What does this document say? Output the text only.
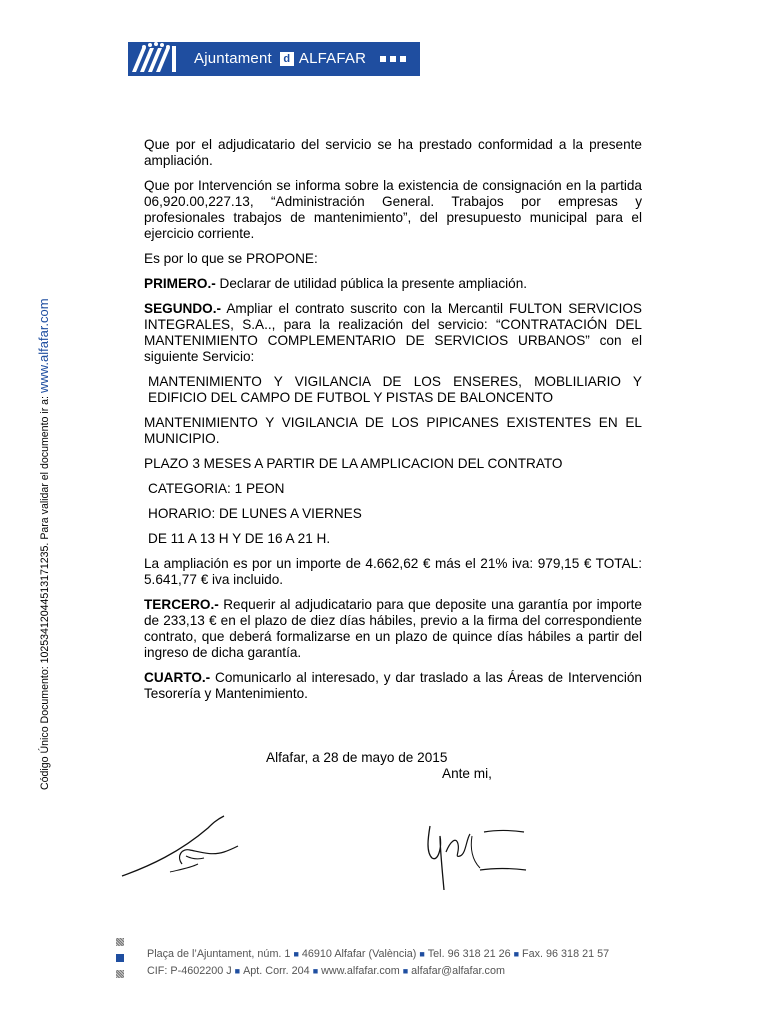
Ajuntament	d ALFAFAR
Código Único Documento: 10253412044513171235. Para validar el documento ir a: www.alfafar.com

Que por el adjudicatario del servicio se ha prestado conformidad a la presente ampliación.

Que por Intervención se informa sobre la existencia de consignación en la partida 06,920.00,227.13, “Administración General. Trabajos por empresas y profesionales trabajos de mantenimiento”, del presupuesto municipal para el ejercicio corriente.

Es por lo que se PROPONE:

PRIMERO.- Declarar de utilidad pública la presente ampliación.

SEGUNDO.- Ampliar el contrato suscrito con la Mercantil FULTON SERVICIOS INTEGRALES, S.A.., para la realización del servicio: “CONTRATACIÓN DEL MANTENIMIENTO COMPLEMENTARIO DE SERVICIOS URBANOS” con el siguiente Servicio:

MANTENIMIENTO Y VIGILANCIA DE LOS ENSERES, MOBLILIARIO Y EDIFICIO DEL CAMPO DE FUTBOL Y PISTAS DE BALONCENTO

MANTENIMIENTO Y VIGILANCIA DE LOS PIPICANES EXISTENTES EN EL MUNICIPIO.

PLAZO 3 MESES A PARTIR DE LA AMPLICACION DEL CONTRATO

CATEGORIA: 1 PEON

HORARIO: DE LUNES A VIERNES

DE 11 A 13 H Y DE 16 A 21 H.

La ampliación es por un importe de 4.662,62 € más el 21% iva: 979,15 € TOTAL: 5.641,77 € iva incluido.

TERCERO.- Requerir al adjudicatario para que deposite una garantía por importe de 233,13 € en el plazo de diez días hábiles, previo a la firma del correspondiente contrato, que deberá formalizarse en un plazo de quince días hábiles a partir del ingreso de dicha garantía.

CUARTO.- Comunicarlo al interesado, y dar traslado a las Áreas de Intervención Tesorería y Mantenimiento.

Alfafar, a 28 de mayo de 2015
Ante mi,
Plaça de l’Ajuntament, núm. 1 ■ 46910 Alfafar (València) ■ Tel. 96 318 21 26 ■ Fax. 96 318 21 57
CIF: P-4602200 J ■ Apt. Corr. 204 ■ www.alfafar.com ■ alfafar@alfafar.com
